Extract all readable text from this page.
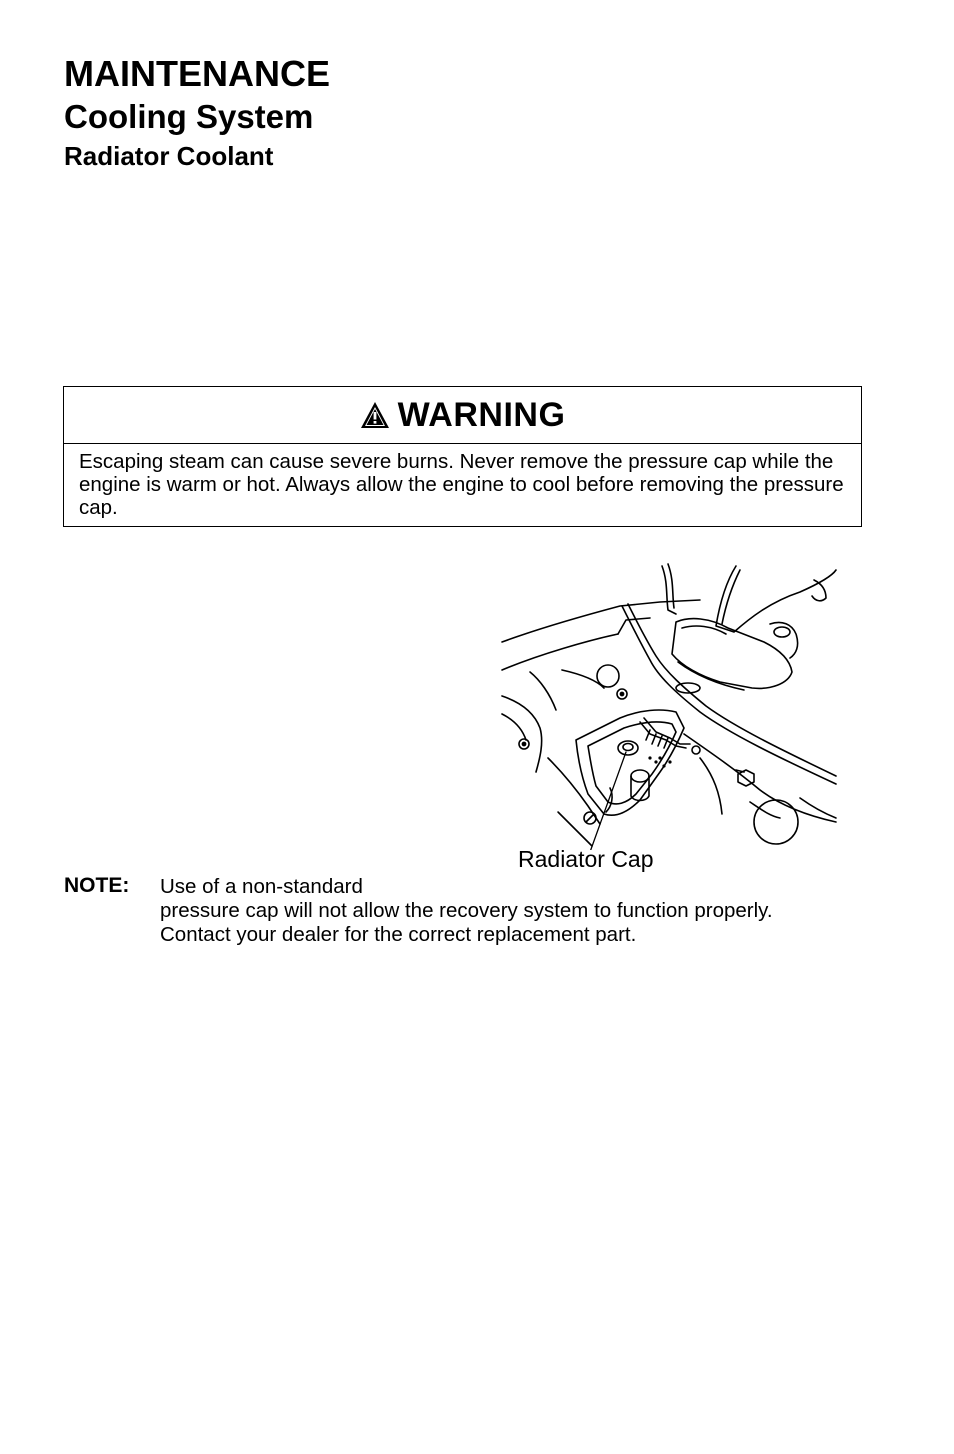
MAINTENANCE
Cooling System
Radiator Coolant
WARNING
Escaping steam can cause severe burns. Never remove the pressure cap while the engine is warm or hot. Always allow the engine to cool before removing the pressure cap.
Radiator Cap
NOTE: Use of a non-standard
pressure cap will not allow the recovery system to function properly.
Contact your dealer for the correct replacement part.
